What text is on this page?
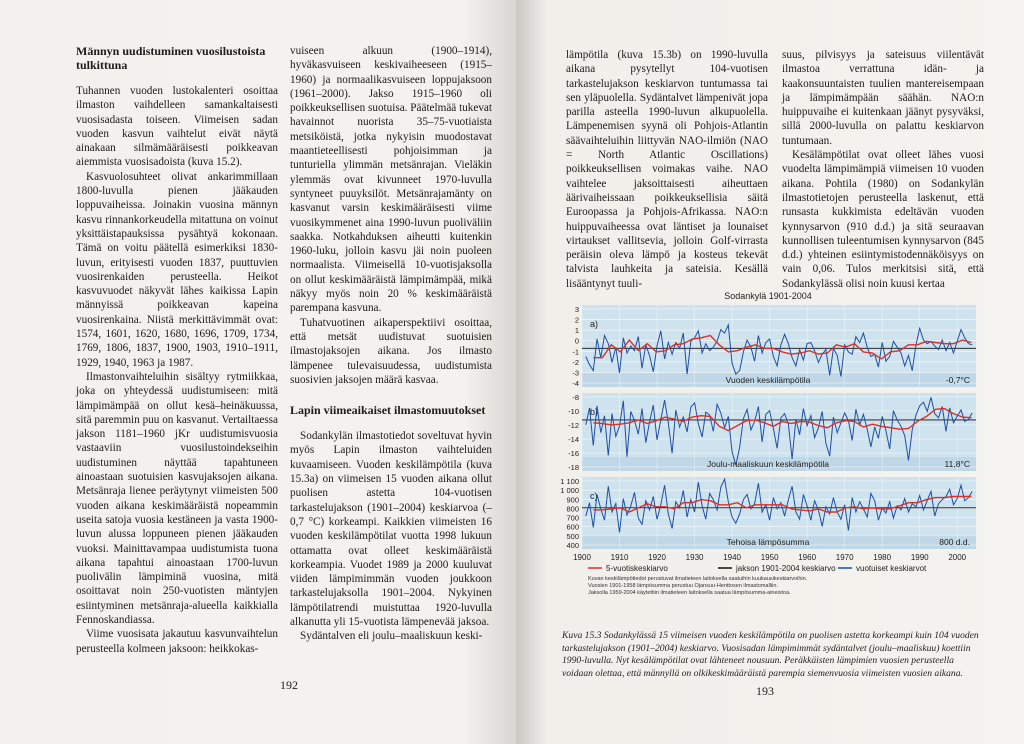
Männyn uudistuminen vuosilustoista tulkittuna

Tuhannen vuoden lustokalenteri osoittaa ilmaston vaihdelleen samankaltaisesti vuosisadasta toiseen. Viimeisen sadan vuoden kasvun vaihtelut eivät näytä ainakaan silmämääräisesti poikkeavan aiemmista vuosisadoista (kuva 15.2).

Kasvuolosuhteet olivat ankarimmillaan 1800-luvulla pienen jääkauden loppuvaiheissa. Joinakin vuosina männyn kasvu rinnankorkeudella mitattuna on voinut yksittäistapauksissa pysähtyä kokonaan. Tämä on voitu päätellä esimerkiksi 1830-luvun, erityisesti vuoden 1837, puuttuvien vuosirenkaiden perusteella. Heikot kasvuvuodet näkyvät lähes kaikissa Lapin männyissä poikkeavan kapeina vuosirenkaina. Niistä merkittävimmät ovat: 1574, 1601, 1620, 1680, 1696, 1709, 1734, 1769, 1806, 1837, 1900, 1903, 1910–1911, 1929, 1940, 1963 ja 1987.

Ilmastonvaihteluihin sisältyy rytmiikkaa, joka on yhteydessä uudistumiseen: mitä lämpimämpää on ollut kesä–heinäkuussa, sitä paremmin puu on kasvanut. Vertailtaessa jakson 1181–1960 jKr uudistumisvuosia vastaaviin vuosilustoindekseihin uudistuminen näyttää tapahtuneen ainoastaan suotuisien kasvujaksojen aikana. Metsänraja lienee peräytynyt viimeisten 500 vuoden aikana keskimääräistä nopeammin useita satoja vuosia kestäneen ja vasta 1900-luvun alussa loppuneen pienen jääkauden vuoksi. Mainittavampaa uudistumista tuona aikana tapahtui ainoastaan 1700-luvun puolivälin lämpiminä vuosina, mitä osoittavat noin 250-vuotisten mäntyjen esiintyminen metsänraja-alueella kaikkialla Fennoskandiassa.

Viime vuosisata jakautuu kasvunvaihtelun perusteella kolmeen jaksoon: heikkokas-

vuiseen alkuun (1900–1914), hyväkasvuiseen keskivaiheeseen (1915–1960) ja normaalikasvuiseen loppujaksoon (1961–2000). Jakso 1915–1960 oli poikkeuksellisen suotuisa. Päätelmää tukevat havainnot nuorista 35–75-vuotiaista metsiköistä, jotka nykyisin muodostavat maantieteellisesti pohjoisimman ja tunturiella ylimmän metsänrajan. Vieläkin ylemmäs ovat kivunneet 1970-luvulla syntyneet puuyksilöt. Metsänrajamänty on kasvanut varsin keskimääräisesti viime vuosikymmenet aina 1990-luvun puoliväliin saakka. Notkahduksen aiheutti kuitenkin 1960-luku, jolloin kasvu jäi noin puoleen normaalista. Viimeisellä 10-vuotisjaksolla on ollut keskimääräistä lämpimämpää, mikä näkyy myös noin 20 % keskimääräistä parempana kasvuna.

Tuhatvuotinen aikaperspektiivi osoittaa, että metsät uudistuvat suotuisien ilmastojaksojen aikana. Jos ilmasto lämpenee tulevaisuudessa, uudistumista suosivien jaksojen määrä kasvaa.

Lapin viimeaikaiset ilmastomuutokset

Sodankylän ilmastotiedot soveltuvat hyvin myös Lapin ilmaston vaihteluiden kuvaamiseen. Vuoden keskilämpötila (kuva 15.3a) on viimeisen 15 vuoden aikana ollut puolisen astetta 104-vuotisen tarkastelujakson (1901–2004) keskiarvoa (–0,7 °C) korkeampi. Kaikkien viimeisten 16 vuoden keskilämpötilat vuotta 1998 lukuun ottamatta ovat olleet keskimääräistä korkeampia. Vuodet 1989 ja 2000 kuuluvat viiden lämpimimmän vuoden joukkoon tarkastelujaksolla 1901–2004. Nykyinen lämpötilatrendi muistuttaa 1920-luvulla alkanutta yli 15-vuotista lämpenevää jaksoa.

Sydäntalven eli joulu–maaliskuun keski-

192

lämpötila (kuva 15.3b) on 1990-luvulla aikana pysytellyt 104-vuotisen tarkastelujakson keskiarvon tuntumassa tai sen yläpuolella. Sydäntalvet lämpenivät jopa parilla asteella 1990-luvun alkupuolella. Lämpenemisen syynä oli Pohjois-Atlantin säävaihteluihin liittyvän NAO-ilmiön (NAO = North Atlantic Oscillations) poikkeuksellisen voimakas vaihe. NAO vaihtelee jaksoittaisesti aiheuttaen äärivaiheissaan poikkeuksellisia säitä Euroopassa ja Pohjois-Afrikassa. NAO:n huippuvaiheessa ovat läntiset ja lounaiset virtaukset vallitsevia, jolloin Golf-virrasta peräisin oleva lämpö ja kosteus tekevät talvista lauhkeita ja sateisia. Kesällä lisääntynyt tuuli-

suus, pilvisyys ja sateisuus viilentävät ilmastoa verrattuna idän- ja kaakonsuuntaisten tuulien mantereisempaan ja lämpimämpään säähän. NAO:n huippuvaihe ei kuitenkaan jäänyt pysyväksi, sillä 2000-luvulla on palattu keskiarvon tuntumaan.

Kesälämpötilat ovat olleet lähes vuosi vuodelta lämpimämpiä viimeisen 10 vuoden aikana. Pohtila (1980) on Sodankylän ilmastotietojen perusteella laskenut, että runsasta kukkimista edeltävän vuoden kynnysarvon (910 d.d.) ja sitä seuraavan kunnollisen tuleentumisen kynnysarvon (845 d.d.) yhteinen esiintymistodennäköisyys on vain 0,06. Tulos merkitsisi sitä, että Sodankylässä olisi noin kuusi kertaa

193
Sodankylä 1901-2004
3
2
1
0
-1
-2
-3
-4
a)
Vuoden keskilämpötila	-0,7°C
-8
-10
-12
-14
-16
-18
b)
Joulu-maaliskuun keskilämpötila	11,8°C
1 100
1 000
900
800
700
600
500
400
c)
Tehoisa lämpösumma	800 d.d.
1900 1910 1920 1930 1940 1950 1960 1970 1980 1990 2000
5-vuotiskeskiarvo	jakson 1901-2004 keskiarvo	vuotuiset keskiarvot
Kuvan keskilämpötiedot perustuvat ilmatieteen laitoksella saatuihin kuukausikeskiarvoihin.
Vuosien 1901-1958 lämpösumma perustuu Ojansuu-Henttosen ilmastomalliin.
Jaksolla 1959-2004 käytettiin ilmatieteen laitoksella saatua lämpösumma-aineistoa.

Kuva 15.3 Sodankylässä 15 viimeisen vuoden keskilämpötila on puolisen astetta korkeampi kuin 104 vuoden tarkastelujakson (1901–2004) keskiarvo. Vuosisadan lämpimimmät sydäntalvet (joulu–maaliskuu) koettiin 1990-luvulla. Nyt kesälämpötilat ovat lähteneet nousuun. Peräkkäisten lämpimien vuosien perusteella voidaan olettaa, että männyllä on olkikeskimääräistä parempia siemenvuosia viimeisten vuosien aikana.
